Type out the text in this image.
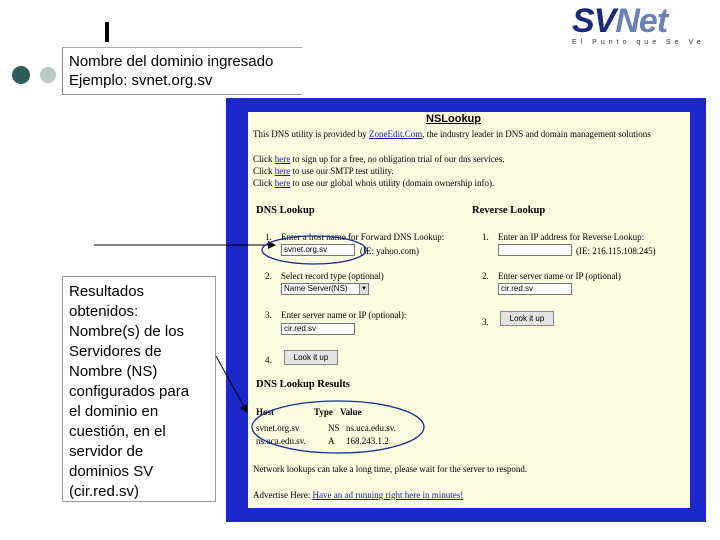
SVNet
El Punto que Se Ve
Nombre del dominio ingresado
Ejemplo: svnet.org.sv
Resultados
obtenidos:
Nombre(s) de los
Servidores de
Nombre (NS)
configurados para
el dominio en
cuestión, en el
servidor de
dominios SV
(cir.red.sv)
NSLookup
This DNS utility is provided by ZoneEdit.Com, the industry leader in DNS and domain management solutions
Click here to sign up for a free, no obligation trial of our dns services.
Click here to use our SMTP test utility.
Click here to use our global whois utility (domain ownership info).
DNS Lookup	Reverse Lookup
1. Enter a host name for Forward DNS Lookup:
svnet.org.sv	(IE: yahoo.com)
2. Select record type (optional)
Name Server(NS)	▼
3. Enter server name or IP (optional):
cir.red.sv
4.	Look it up
1. Enter an IP address for Reverse Lookup:
(IE: 216.115.108.245)
2. Enter server name or IP (optional)
cir.red.sv
3.	Look it up
DNS Lookup Results
Host	Type Value
svnet.org.sv	NS ns.uca.edu.sv.
ns.uca.edu.sv. A 168.243.1.2
Network lookups can take a long time, please wait for the server to respond.
Advertise Here: Have an ad running right here in minutes!
